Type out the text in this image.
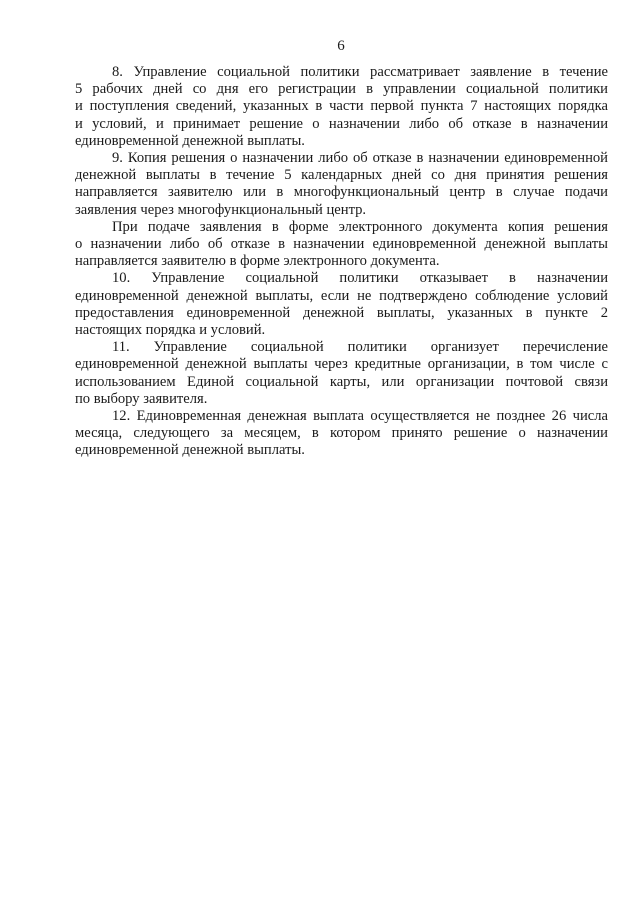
6
8. Управление социальной политики рассматривает заявление в течение
5 рабочих дней со дня его регистрации в управлении социальной политики
и поступления сведений, указанных в части первой пункта 7 настоящих порядка
и условий, и принимает решение о назначении либо об отказе в назначении
единовременной денежной выплаты.
9. Копия решения о назначении либо об отказе в назначении единовременной
денежной выплаты в течение 5 календарных дней со дня принятия решения
направляется заявителю или в многофункциональный центр в случае подачи
заявления через многофункциональный центр.
При подаче заявления в форме электронного документа копия решения
о назначении либо об отказе в назначении единовременной денежной выплаты
направляется заявителю в форме электронного документа.
10. Управление социальной политики отказывает в назначении
единовременной денежной выплаты, если не подтверждено соблюдение условий
предоставления единовременной денежной выплаты, указанных в пункте 2
настоящих порядка и условий.
11. Управление социальной политики организует перечисление
единовременной денежной выплаты через кредитные организации, в том числе с
использованием Единой социальной карты, или организации почтовой связи
по выбору заявителя.
12. Единовременная денежная выплата осуществляется не позднее 26 числа
месяца, следующего за месяцем, в котором принято решение о назначении
единовременной денежной выплаты.
